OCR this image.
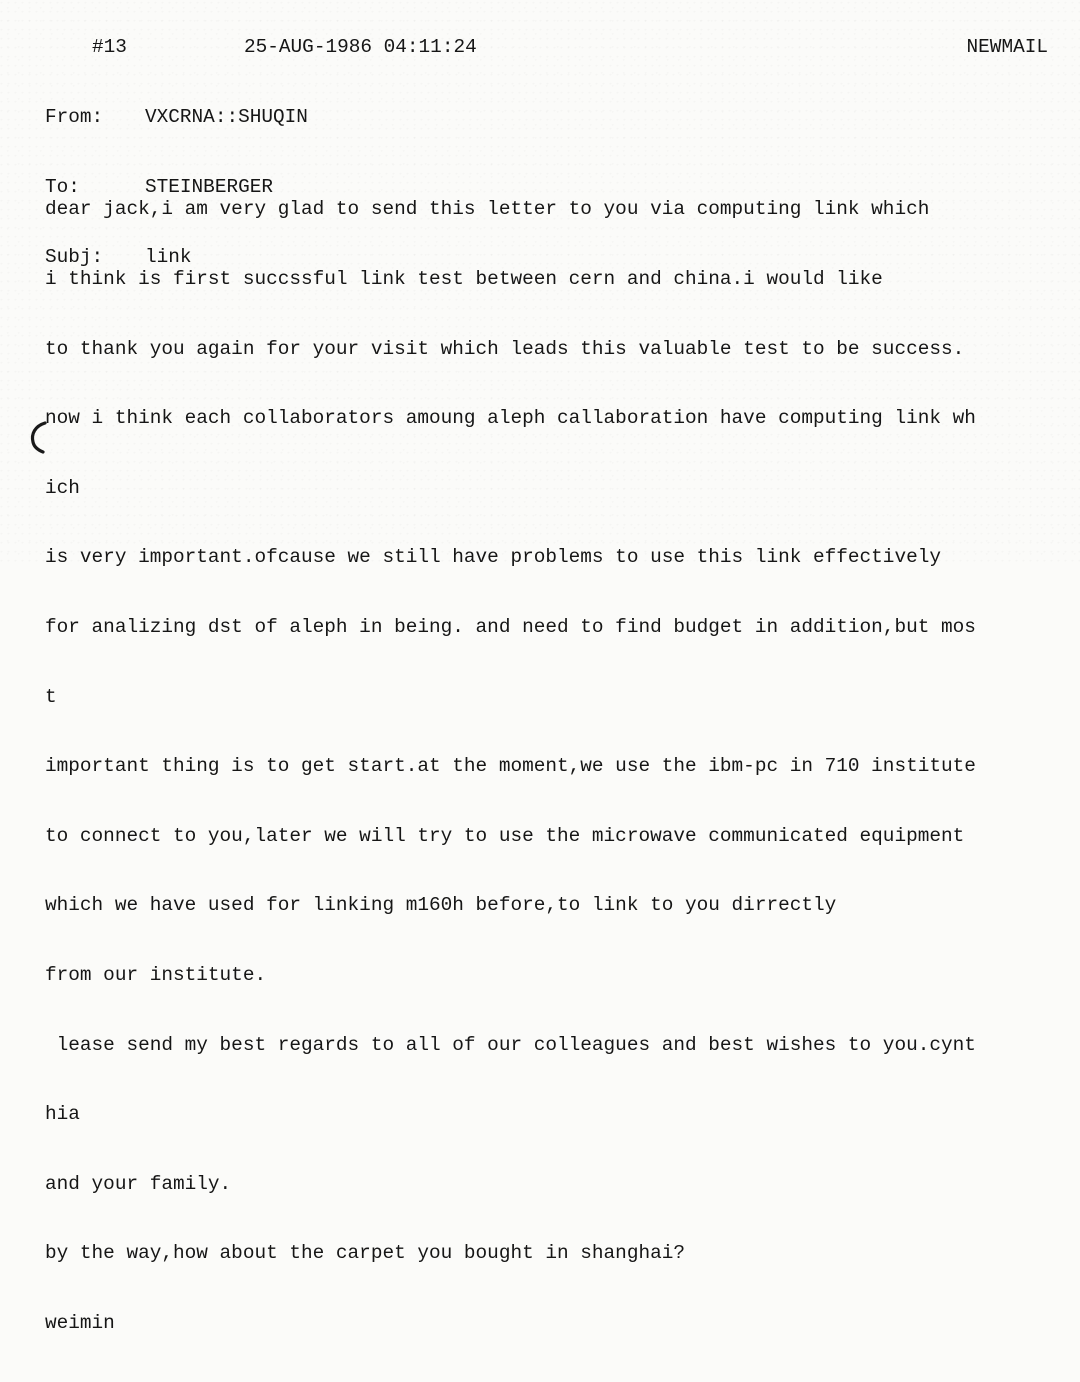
#13

	25-AUG-1986 04:11:24

	NEWMAIL

From:	VXCRNA::SHUQIN

To:	STEINBERGER

Subj:	link

dear jack,i am very glad to send this letter to you via computing link which

i think is first succssful link test between cern and china.i would like

to thank you again for your visit which leads this valuable test to be success.

now i think each collaborators amoung aleph callaboration have computing link wh

ich

is very important.ofcause we still have problems to use this link effectively

for analizing dst of aleph in being. and need to find budget in addition,but mos

t

important thing is to get start.at the moment,we use the ibm-pc in 710 institute

to connect to you,later we will try to use the microwave communicated equipment

which we have used for linking m160h before,to link to you dirrectly

from our institute.

lease send my best regards to all of our colleagues and best wishes to you.cynt

hia

and your family.

by the way,how about the carpet you bought in shanghai?

weimin
